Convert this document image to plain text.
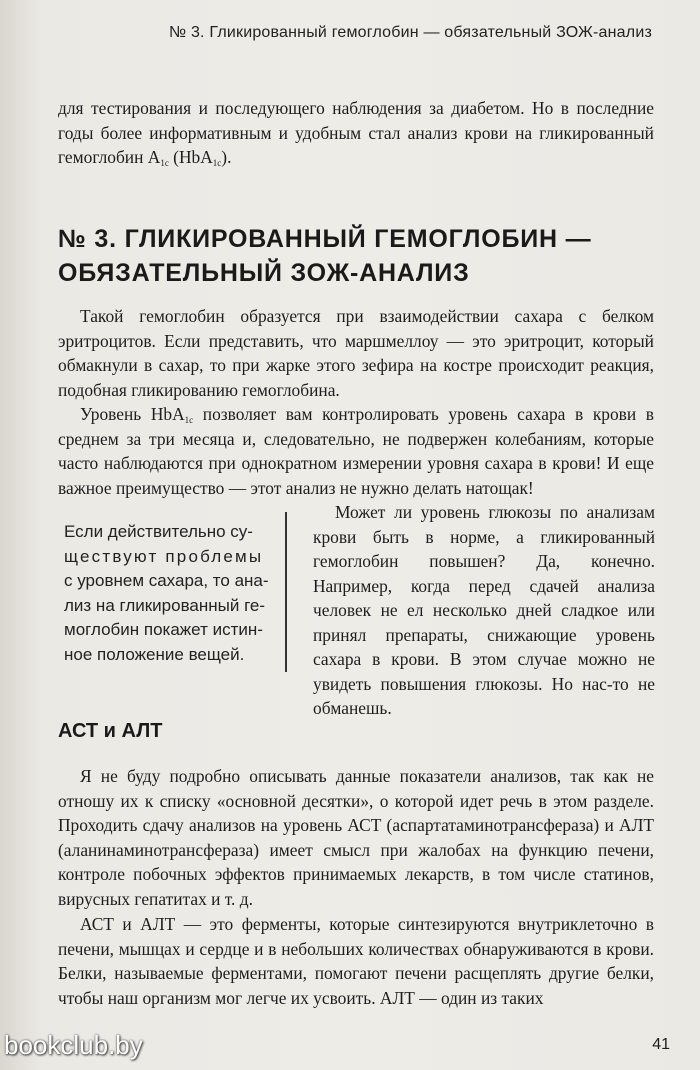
№ 3. Гликированный гемоглобин — обязательный ЗОЖ-анализ

для тестирования и последующего наблюдения за диабетом. Но в последние годы более информативным и удобным стал анализ крови на гликированный гемоглобин $A_{1c}$ (HbA$_{1c}$).

№ 3. ГЛИКИРОВАННЫЙ ГЕМОГЛОБИН —
ОБЯЗАТЕЛЬНЫЙ ЗОЖ-АНАЛИЗ

Такой гемоглобин образуется при взаимодействии сахара с белком эритроцитов. Если представить, что маршмеллоу — это эритроцит, который обмакнули в сахар, то при жарке этого зефира на костре происходит реакция, подобная гликированию гемоглобина.

Уровень HbA$_{1c}$ позволяет вам контролировать уровень сахара в крови в среднем за три месяца и, следовательно, не подвержен колебаниям, которые часто наблюдаются при однократном измерении уровня сахара в крови! И еще важное преимущество — этот анализ не нужно делать натощак!

Если действительно су-
ществуют проблемы
с уровнем сахара, то ана-
лиз на гликированный ге-
моглобин покажет истин-
ное положение вещей.

Может ли уровень глюкозы по анализам крови быть в норме, а гликированный гемоглобин повышен? Да, конечно. Например, когда перед сдачей анализа человек не ел несколько дней сладкое или принял препараты, снижающие уровень сахара в крови. В этом случае можно не увидеть повышения глюкозы. Но нас-то не обманешь.

АСТ и АЛТ

Я не буду подробно описывать данные показатели анализов, так как не отношу их к списку «основной десятки», о которой идет речь в этом разделе. Проходить сдачу анализов на уровень АСТ (аспартатаминотрансфераза) и АЛТ (аланинаминотрансфераза) имеет смысл при жалобах на функцию печени, контроле побочных эффектов принимаемых лекарств, в том числе статинов, вирусных гепатитах и т. д.

АСТ и АЛТ — это ферменты, которые синтезируются внутриклеточно в печени, мышцах и сердце и в небольших количествах обнаруживаются в крови. Белки, называемые ферментами, помогают печени расщеплять другие белки, чтобы наш организм мог легче их усвоить. АЛТ — один из таких

bookclub.by	41
